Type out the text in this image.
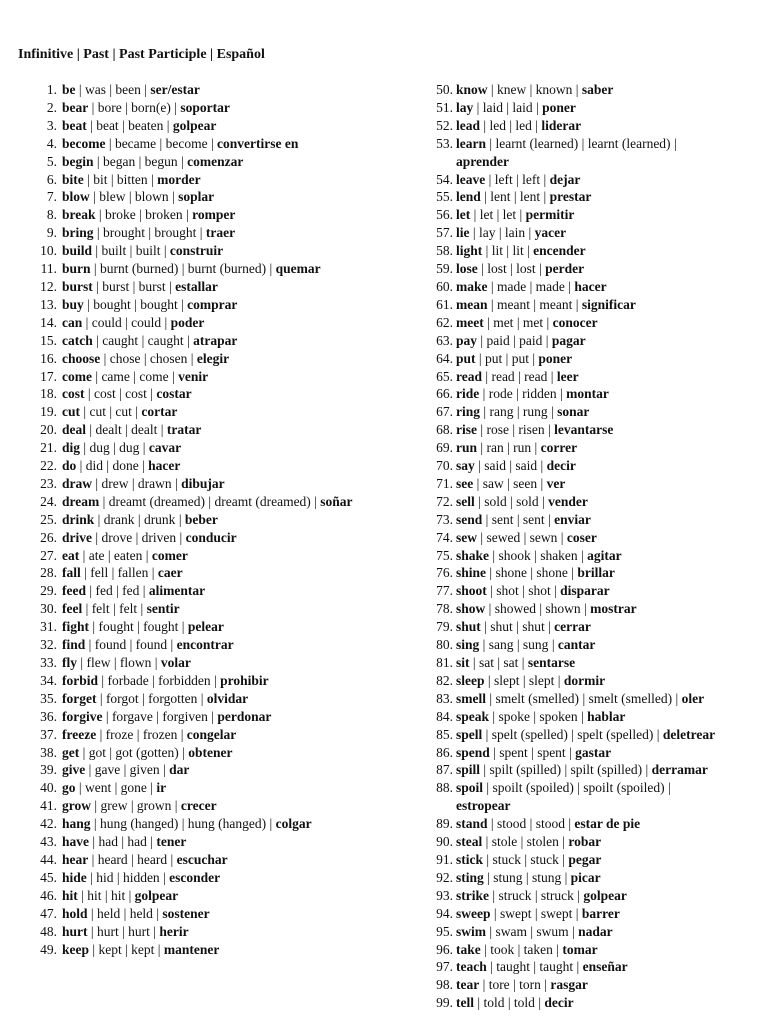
Infinitive | Past | Past Participle | Español
1. be | was | been | ser/estar
2. bear | bore | born(e) | soportar
3. beat | beat | beaten | golpear
4. become | became | become | convertirse en
5. begin | began | begun | comenzar
6. bite | bit | bitten | morder
7. blow | blew | blown | soplar
8. break | broke | broken | romper
9. bring | brought | brought | traer
10. build | built | built | construir
11. burn | burnt (burned) | burnt (burned) | quemar
12. burst | burst | burst | estallar
13. buy | bought | bought | comprar
14. can | could | could | poder
15. catch | caught | caught | atrapar
16. choose | chose | chosen | elegir
17. come | came | come | venir
18. cost | cost | cost | costar
19. cut | cut | cut | cortar
20. deal | dealt | dealt | tratar
21. dig | dug | dug | cavar
22. do | did | done | hacer
23. draw | drew | drawn | dibujar
24. dream | dreamt (dreamed) | dreamt (dreamed) | soñar
25. drink | drank | drunk | beber
26. drive | drove | driven | conducir
27. eat | ate | eaten | comer
28. fall | fell | fallen | caer
29. feed | fed | fed | alimentar
30. feel | felt | felt | sentir
31. fight | fought | fought | pelear
32. find | found | found | encontrar
33. fly | flew | flown | volar
34. forbid | forbade | forbidden | prohibir
35. forget | forgot | forgotten | olvidar
36. forgive | forgave | forgiven | perdonar
37. freeze | froze | frozen | congelar
38. get | got | got (gotten) | obtener
39. give | gave | given | dar
40. go | went | gone | ir
41. grow | grew | grown | crecer
42. hang | hung (hanged) | hung (hanged) | colgar
43. have | had | had | tener
44. hear | heard | heard | escuchar
45. hide | hid | hidden | esconder
46. hit | hit | hit | golpear
47. hold | held | held | sostener
48. hurt | hurt | hurt | herir
49. keep | kept | kept | mantener
50. know | knew | known | saber
51. lay | laid | laid | poner
52. lead | led | led | liderar
53. learn | learnt (learned) | learnt (learned) | aprender
54. leave | left | left | dejar
55. lend | lent | lent | prestar
56. let | let | let | permitir
57. lie | lay | lain | yacer
58. light | lit | lit | encender
59. lose | lost | lost | perder
60. make | made | made | hacer
61. mean | meant | meant | significar
62. meet | met | met | conocer
63. pay | paid | paid | pagar
64. put | put | put | poner
65. read | read | read | leer
66. ride | rode | ridden | montar
67. ring | rang | rung | sonar
68. rise | rose | risen | levantarse
69. run | ran | run | correr
70. say | said | said | decir
71. see | saw | seen | ver
72. sell | sold | sold | vender
73. send | sent | sent | enviar
74. sew | sewed | sewn | coser
75. shake | shook | shaken | agitar
76. shine | shone | shone | brillar
77. shoot | shot | shot | disparar
78. show | showed | shown | mostrar
79. shut | shut | shut | cerrar
80. sing | sang | sung | cantar
81. sit | sat | sat | sentarse
82. sleep | slept | slept | dormir
83. smell | smelt (smelled) | smelt (smelled) | oler
84. speak | spoke | spoken | hablar
85. spell | spelt (spelled) | spelt (spelled) | deletrear
86. spend | spent | spent | gastar
87. spill | spilt (spilled) | spilt (spilled) | derramar
88. spoil | spoilt (spoiled) | spoilt (spoiled) | estropear
89. stand | stood | stood | estar de pie
90. steal | stole | stolen | robar
91. stick | stuck | stuck | pegar
92. sting | stung | stung | picar
93. strike | struck | struck | golpear
94. sweep | swept | swept | barrer
95. swim | swam | swum | nadar
96. take | took | taken | tomar
97. teach | taught | taught | enseñar
98. tear | tore | torn | rasgar
99. tell | told | told | decir
